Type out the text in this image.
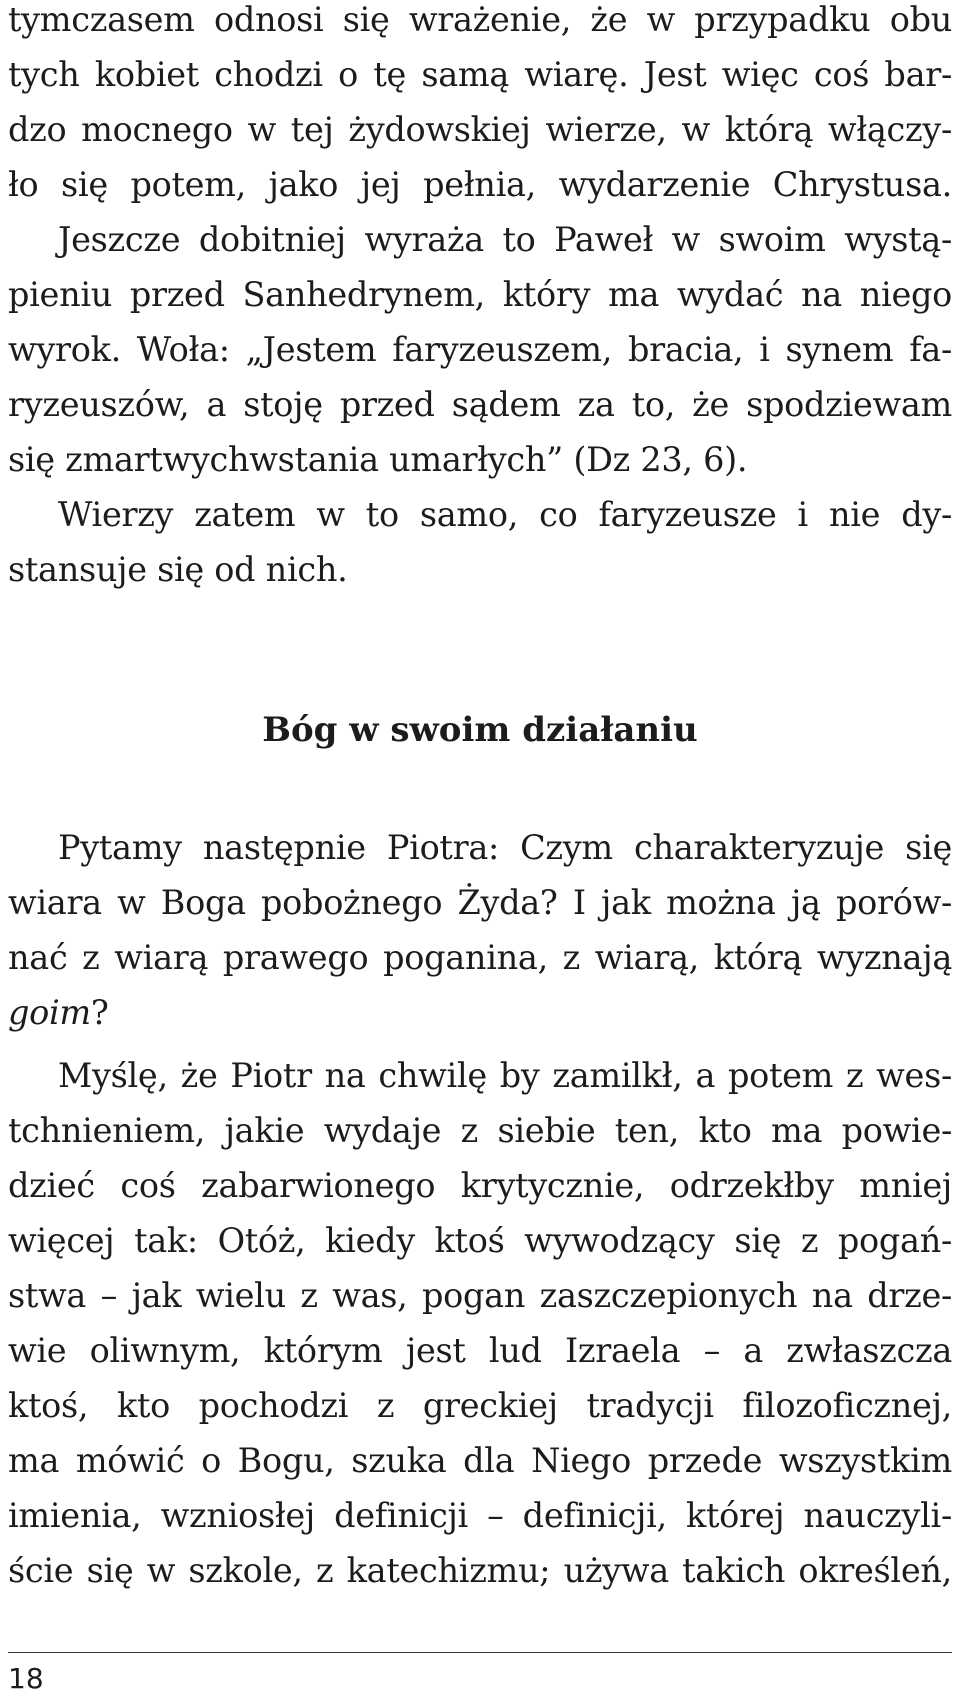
tymczasem odnosi się wrażenie, że w przypadku obu
tych kobiet chodzi o tę samą wiarę. Jest więc coś bar-
dzo mocnego w tej żydowskiej wierze, w którą włączy-
ło się potem, jako jej pełnia, wydarzenie Chrystusa.
Jeszcze dobitniej wyraża to Paweł w swoim wystą-
pieniu przed Sanhedrynem, który ma wydać na niego
wyrok. Woła: „Jestem faryzeuszem, bracia, i synem fa-
ryzeuszów, a stoję przed sądem za to, że spodziewam
się zmartwychwstania umarłych” (Dz 23, 6).
Wierzy zatem w to samo, co faryzeusze i nie dy-
stansuje się od nich.
Bóg w swoim działaniu
Pytamy następnie Piotra: Czym charakteryzuje się
wiara w Boga pobożnego Żyda? I jak można ją porów-
nać z wiarą prawego poganina, z wiarą, którą wyznają
goim?
Myślę, że Piotr na chwilę by zamilkł, a potem z wes-
tchnieniem, jakie wydaje z siebie ten, kto ma powie-
dzieć coś zabarwionego krytycznie, odrzekłby mniej
więcej tak: Otóż, kiedy ktoś wywodzący się z pogań-
stwa – jak wielu z was, pogan zaszczepionych na drze-
wie oliwnym, którym jest lud Izraela – a zwłaszcza
ktoś, kto pochodzi z greckiej tradycji filozoficznej,
ma mówić o Bogu, szuka dla Niego przede wszystkim
imienia, wzniosłej definicji – definicji, której nauczyli-
ście się w szkole, z katechizmu; używa takich określeń,
18
